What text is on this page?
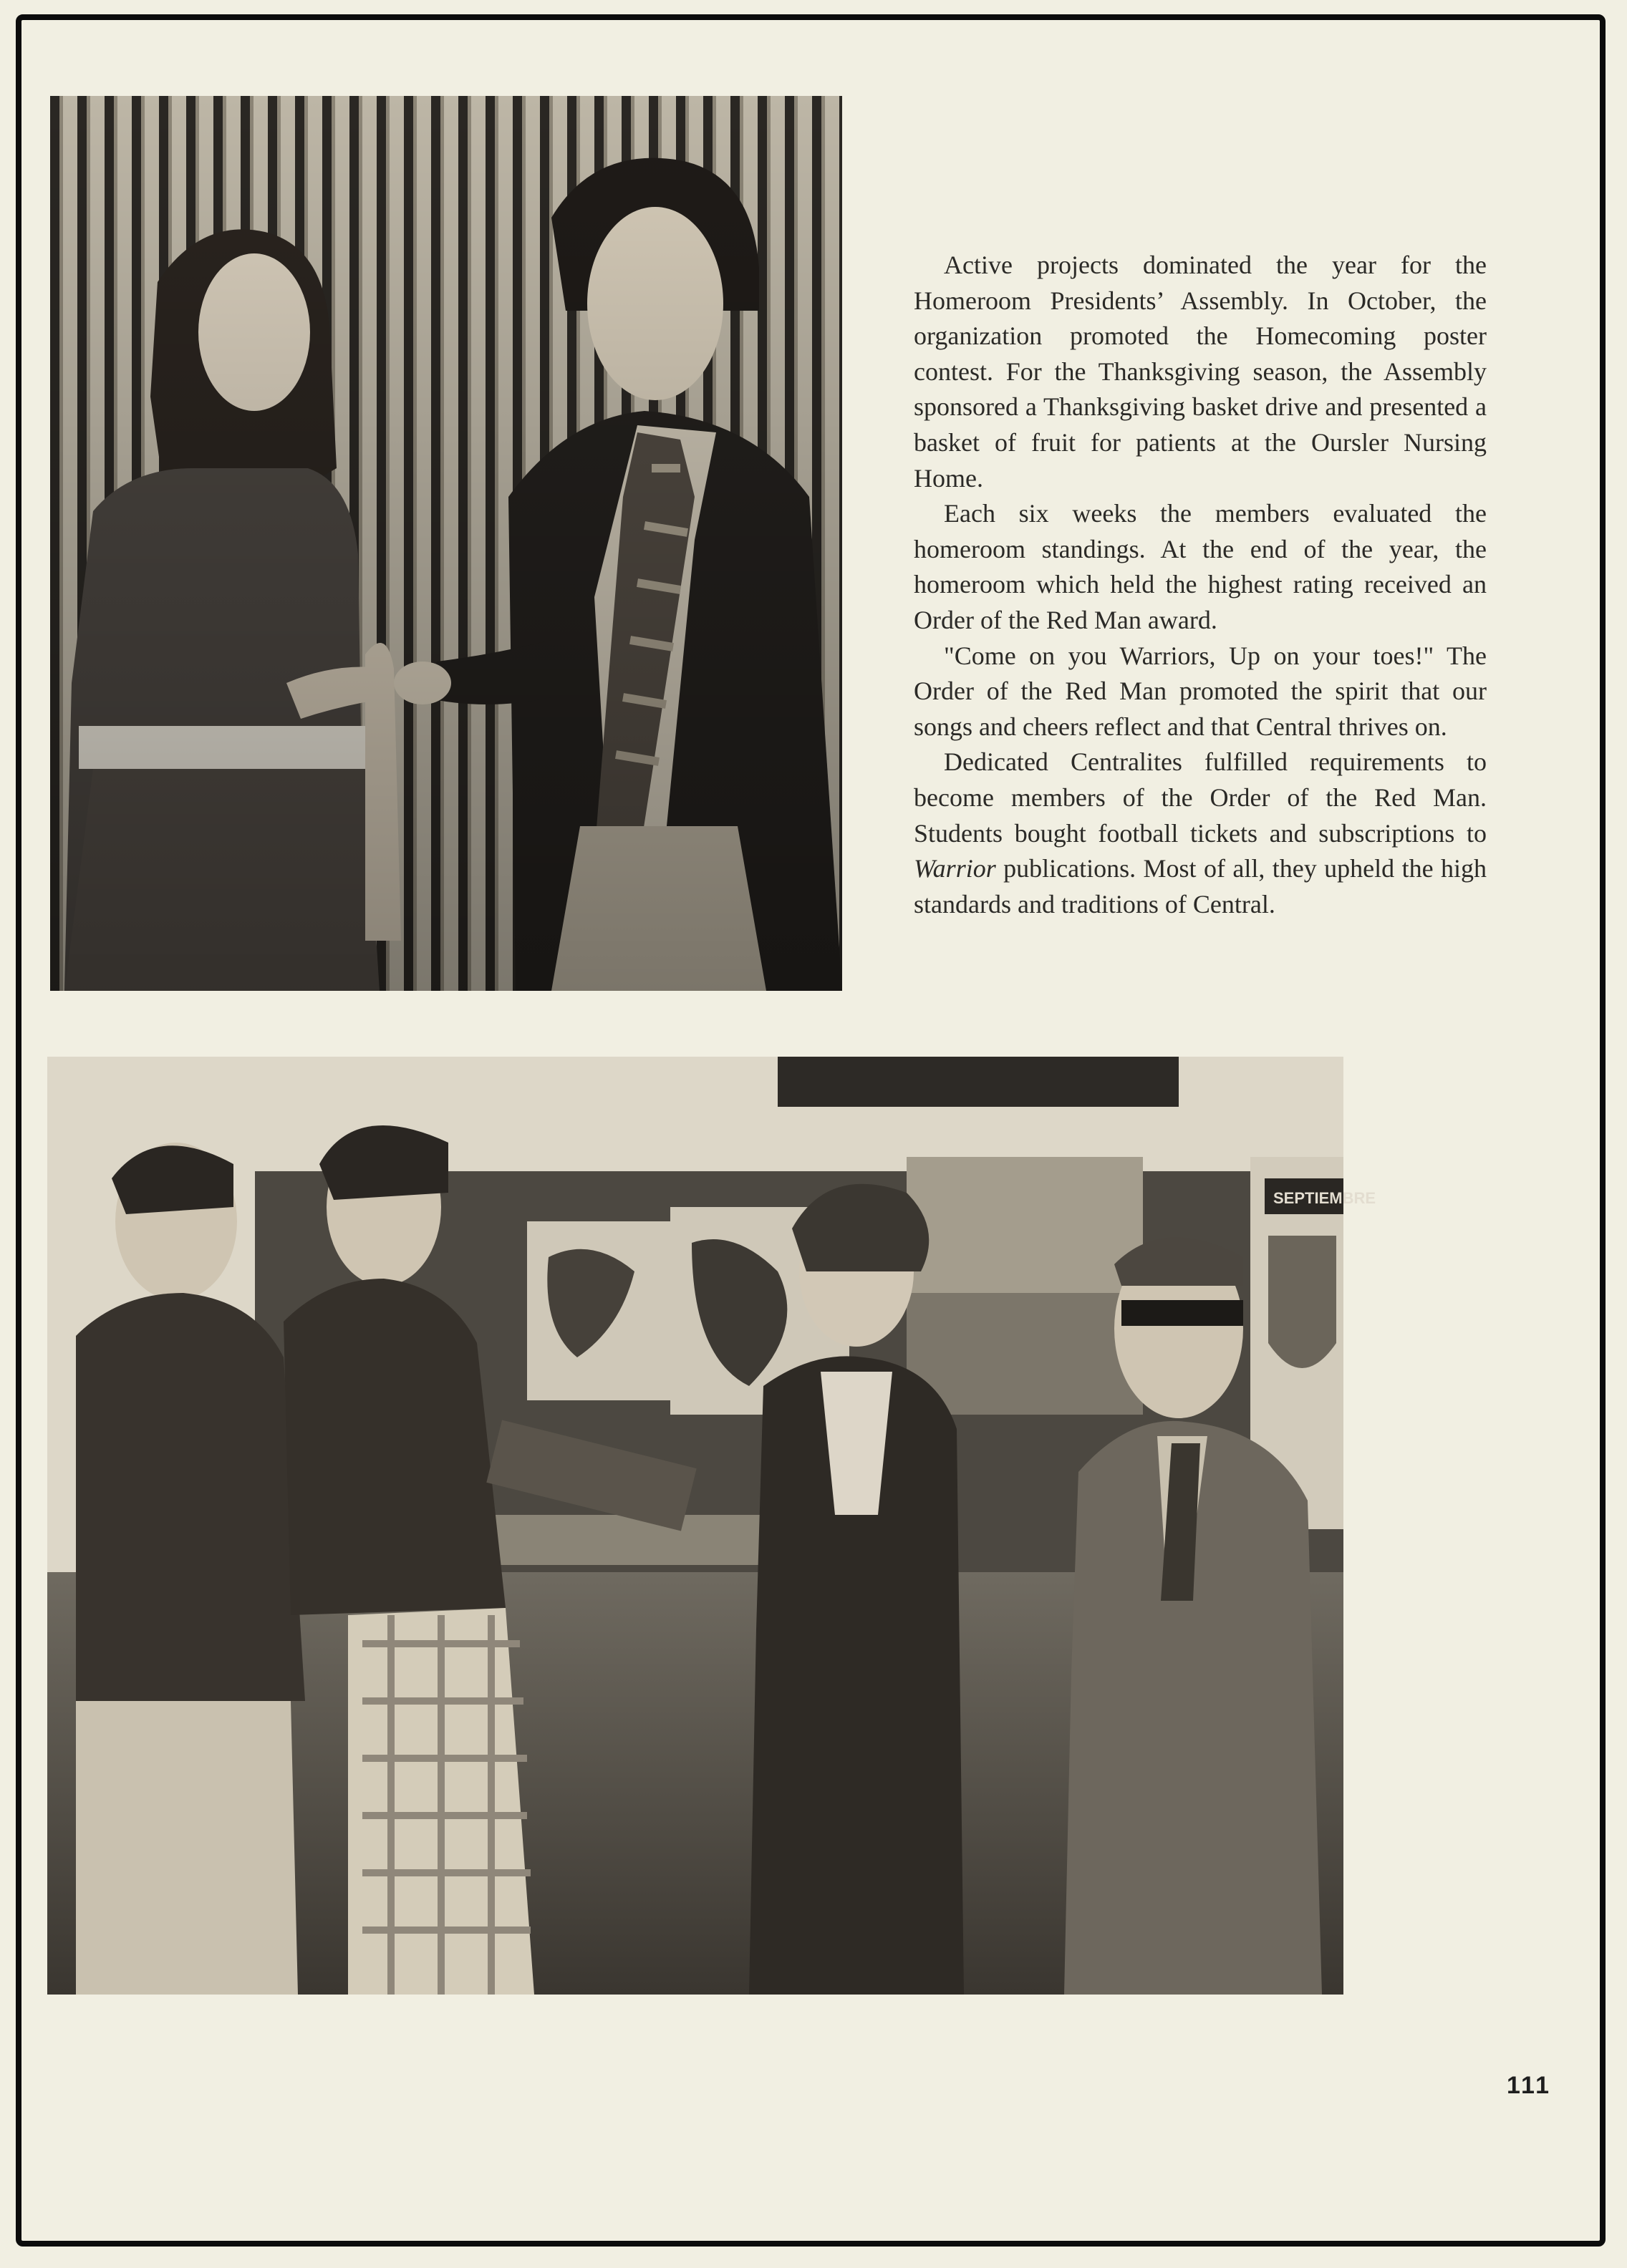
Active projects dominated the year for the Homeroom Presidents’ Assembly. In October, the organization promoted the Homecoming poster contest. For the Thanksgiving season, the Assembly sponsored a Thanksgiving basket drive and presented a basket of fruit for patients at the Oursler Nursing Home.

Each six weeks the members evaluated the homeroom standings. At the end of the year, the homeroom which held the highest rating received an Order of the Red Man award.

"Come on you Warriors, Up on your toes!" The Order of the Red Man promoted the spirit that our songs and cheers reflect and that Central thrives on.

Dedicated Centralites fulfilled requirements to become members of the Order of the Red Man. Students bought football tickets and subscriptions to Warrior publications. Most of all, they upheld the high standards and traditions of Central.

SEPTIEMBRE
111
